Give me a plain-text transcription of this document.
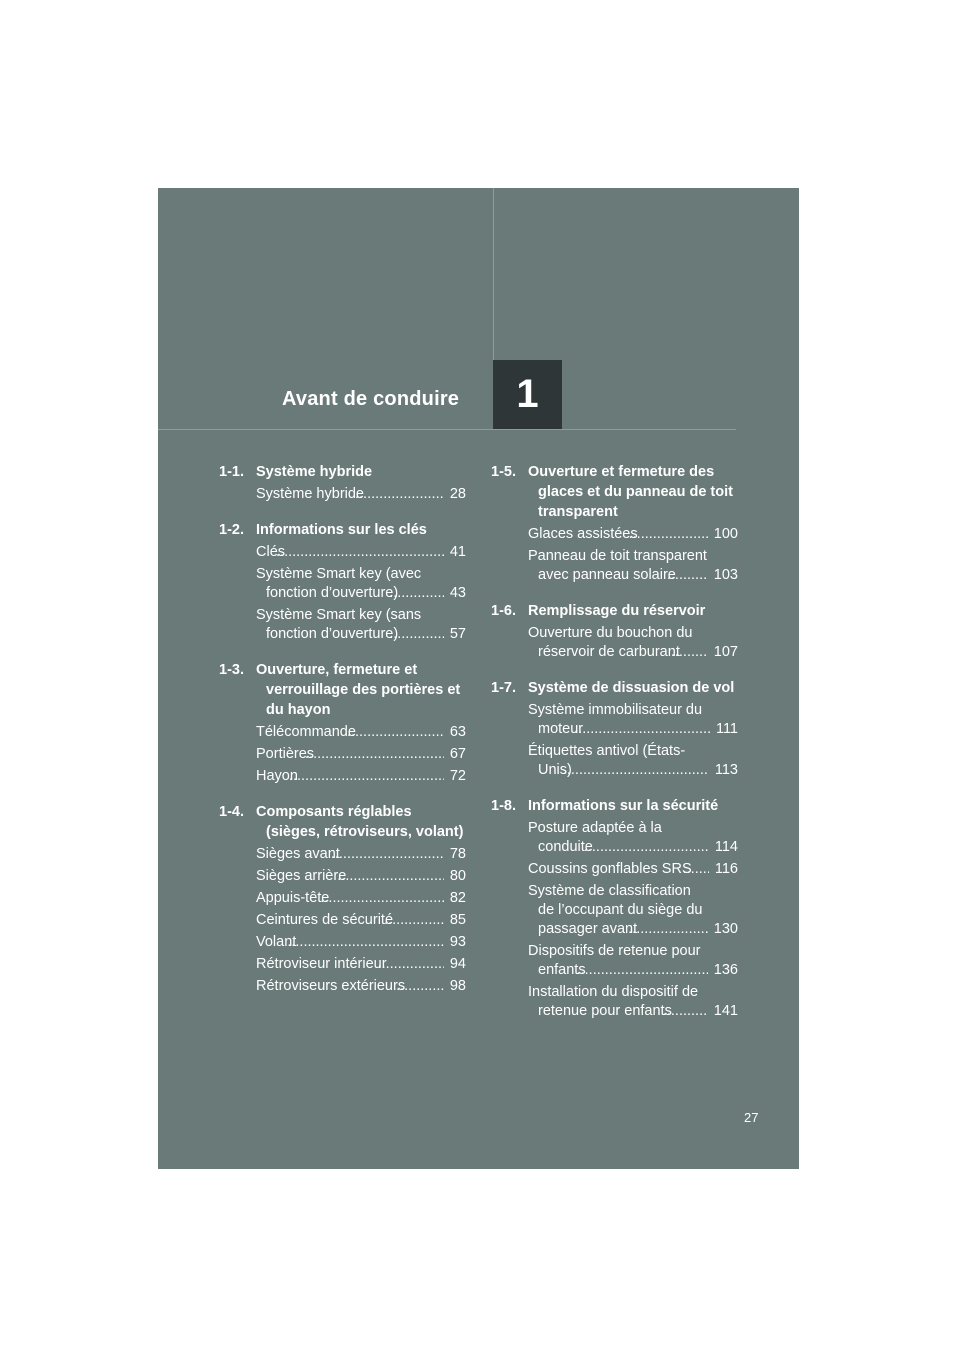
Avant de conduire 1
1-1. Système hybride
Système hybride .....	28
1-2. Informations sur les clés
Clés .....	41
Système Smart key (avec fonction d’ouverture) .....	43
Système Smart key (sans fonction d’ouverture) .....	57
1-3. Ouverture, fermeture et verrouillage des portières et du hayon
Télécommande .....	63
Portières .....	67
Hayon .....	72
1-4. Composants réglables (sièges, rétroviseurs, volant)
Sièges avant .....	78
Sièges arrière .....	80
Appuis-tête .....	82
Ceintures de sécurité .....	85
Volant .....	93
Rétroviseur intérieur .....	94
Rétroviseurs extérieurs .....	98
1-5. Ouverture et fermeture des glaces et du panneau de toit transparent
Glaces assistées .....	100
Panneau de toit transparent avec panneau solaire .....	103
1-6. Remplissage du réservoir
Ouverture du bouchon du réservoir de carburant .....	107
1-7. Système de dissuasion de vol
Système immobilisateur du moteur .....	111
Étiquettes antivol (États-Unis) .....	113
1-8. Informations sur la sécurité
Posture adaptée à la conduite .....	114
Coussins gonflables SRS .....	116
Système de classification de l’occupant du siège du passager avant .....	130
Dispositifs de retenue pour enfants .....	136
Installation du dispositif de retenue pour enfants .....	141
27
